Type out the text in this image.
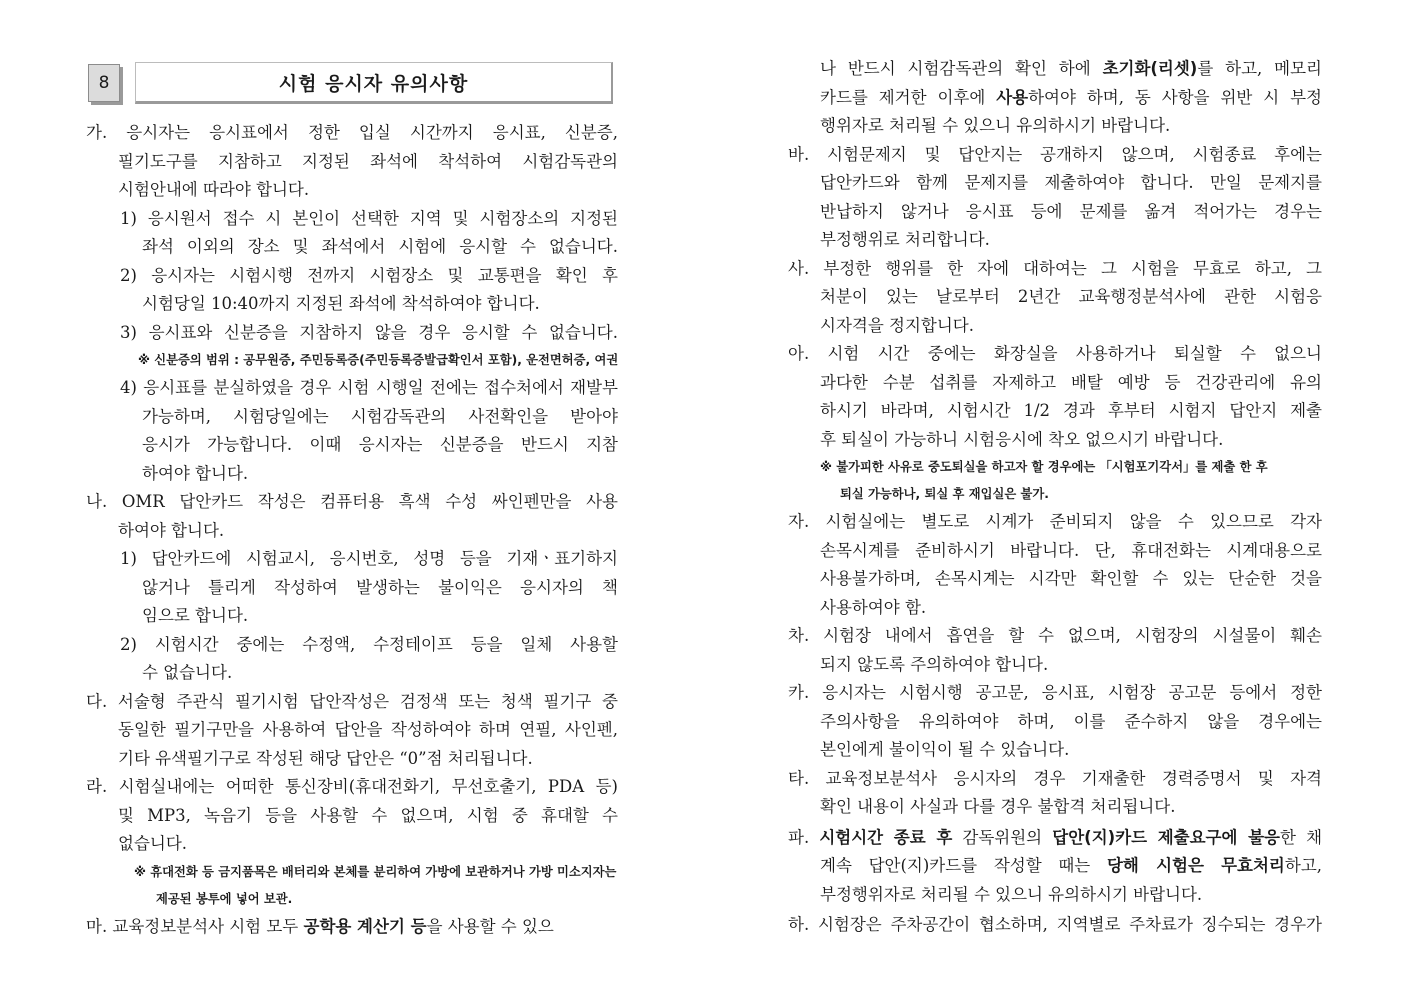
8	시험 응시자 유의사항
가. 응시자는 응시표에서 정한 입실 시간까지 응시표, 신분증,
필기도구를 지참하고 지정된 좌석에 착석하여 시험감독관의
시험안내에 따라야 합니다.
1) 응시원서 접수 시 본인이 선택한 지역 및 시험장소의 지정된
좌석 이외의 장소 및 좌석에서 시험에 응시할 수 없습니다.
2) 응시자는 시험시행 전까지 시험장소 및 교통편을 확인 후
시험당일 10:40까지 지정된 좌석에 착석하여야 합니다.
3) 응시표와 신분증을 지참하지 않을 경우 응시할 수 없습니다.
※ 신분증의 범위 : 공무원증, 주민등록증(주민등록증발급확인서 포함), 운전면허증, 여권
4) 응시표를 분실하였을 경우 시험 시행일 전에는 접수처에서 재발부
가능하며, 시험당일에는 시험감독관의 사전확인을 받아야
응시가 가능합니다. 이때 응시자는 신분증을 반드시 지참
하여야 합니다.
나. OMR 답안카드 작성은 컴퓨터용 흑색 수성 싸인펜만을 사용
하여야 합니다.
1) 답안카드에 시험교시, 응시번호, 성명 등을 기재ㆍ표기하지
않거나 틀리게 작성하여 발생하는 불이익은 응시자의 책
임으로 합니다.
2) 시험시간 중에는 수정액, 수정테이프 등을 일체 사용할
수 없습니다.
다. 서술형 주관식 필기시험 답안작성은 검정색 또는 청색 필기구 중
동일한 필기구만을 사용하여 답안을 작성하여야 하며 연필, 사인펜,
기타 유색필기구로 작성된 해당 답안은 “0”점 처리됩니다.
라. 시험실내에는 어떠한 통신장비(휴대전화기, 무선호출기, PDA 등)
및 MP3, 녹음기 등을 사용할 수 없으며, 시험 중 휴대할 수
없습니다.
※ 휴대전화 등 금지품목은 배터리와 본체를 분리하여 가방에 보관하거나 가방 미소지자는
제공된 봉투에 넣어 보관.
마. 교육정보분석사 시험 모두 공학용 계산기 등을 사용할 수 있으
나 반드시 시험감독관의 확인 하에 초기화(리셋)를 하고, 메모리
카드를 제거한 이후에 사용하여야 하며, 동 사항을 위반 시 부정
행위자로 처리될 수 있으니 유의하시기 바랍니다.
바. 시험문제지 및 답안지는 공개하지 않으며, 시험종료 후에는
답안카드와 함께 문제지를 제출하여야 합니다. 만일 문제지를
반납하지 않거나 응시표 등에 문제를 옮겨 적어가는 경우는
부정행위로 처리합니다.
사. 부정한 행위를 한 자에 대하여는 그 시험을 무효로 하고, 그
처분이 있는 날로부터 2년간 교육행정분석사에 관한 시험응
시자격을 정지합니다.
아. 시험 시간 중에는 화장실을 사용하거나 퇴실할 수 없으니
과다한 수분 섭취를 자제하고 배탈 예방 등 건강관리에 유의
하시기 바라며, 시험시간 1/2 경과 후부터 시험지 답안지 제출
후 퇴실이 가능하니 시험응시에 착오 없으시기 바랍니다.
※ 불가피한 사유로 중도퇴실을 하고자 할 경우에는 「시험포기각서」를 제출 한 후
퇴실 가능하나, 퇴실 후 재입실은 불가.
자. 시험실에는 별도로 시계가 준비되지 않을 수 있으므로 각자
손목시계를 준비하시기 바랍니다. 단, 휴대전화는 시계대용으로
사용불가하며, 손목시계는 시각만 확인할 수 있는 단순한 것을
사용하여야 함.
차. 시험장 내에서 흡연을 할 수 없으며, 시험장의 시설물이 훼손
되지 않도록 주의하여야 합니다.
카. 응시자는 시험시행 공고문, 응시표, 시험장 공고문 등에서 정한
주의사항을 유의하여야 하며, 이를 준수하지 않을 경우에는
본인에게 불이익이 될 수 있습니다.
타. 교육정보분석사 응시자의 경우 기재출한 경력증명서 및 자격
확인 내용이 사실과 다를 경우 불합격 처리됩니다.
파. 시험시간 종료 후 감독위원의 답안(지)카드 제출요구에 불응한 채
계속 답안(지)카드를 작성할 때는 당해 시험은 무효처리하고,
부정행위자로 처리될 수 있으니 유의하시기 바랍니다.
하. 시험장은 주차공간이 협소하며, 지역별로 주차료가 징수되는 경우가
